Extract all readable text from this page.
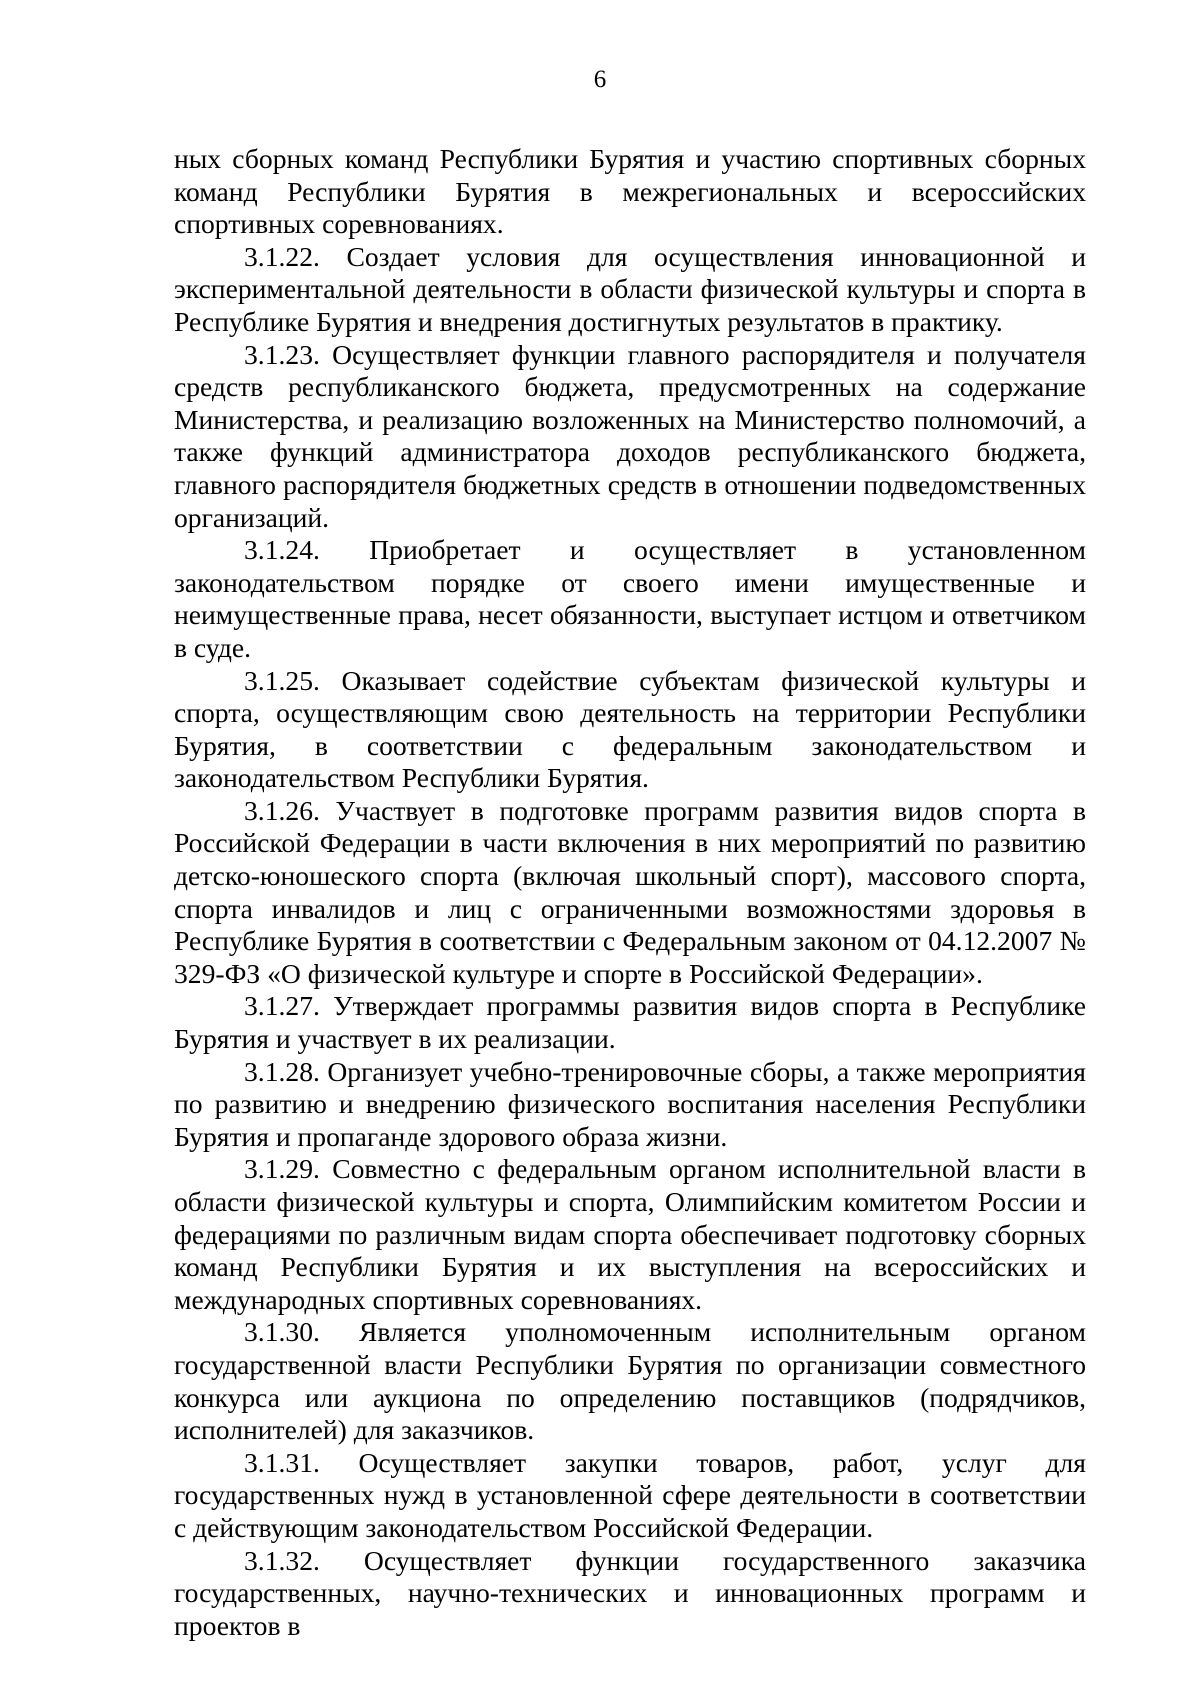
6

ных сборных команд Республики Бурятия и участию спортивных сборных команд Республики Бурятия в межрегиональных и всероссийских спортивных соревнованиях.

3.1.22. Создает условия для осуществления инновационной и экспериментальной деятельности в области физической культуры и спорта в Республике Бурятия и внедрения достигнутых результатов в практику.

3.1.23. Осуществляет функции главного распорядителя и получателя средств республиканского бюджета, предусмотренных на содержание Министерства, и реализацию возложенных на Министерство полномочий, а также функций администратора доходов республиканского бюджета, главного распорядителя бюджетных средств в отношении подведомственных организаций.

3.1.24. Приобретает и осуществляет в установленном законодательством порядке от своего имени имущественные и неимущественные права, несет обязанности, выступает истцом и ответчиком в суде.

3.1.25. Оказывает содействие субъектам физической культуры и спорта, осуществляющим свою деятельность на территории Республики Бурятия, в соответствии с федеральным законодательством и законодательством Республики Бурятия.

3.1.26. Участвует в подготовке программ развития видов спорта в Российской Федерации в части включения в них мероприятий по развитию детско-юношеского спорта (включая школьный спорт), массового спорта, спорта инвалидов и лиц с ограниченными возможностями здоровья в Республике Бурятия в соответствии с Федеральным законом от 04.12.2007 № 329-ФЗ «О физической культуре и спорте в Российской Федерации».

3.1.27. Утверждает программы развития видов спорта в Республике Бурятия и участвует в их реализации.

3.1.28. Организует учебно-тренировочные сборы, а также мероприятия по развитию и внедрению физического воспитания населения Республики Бурятия и пропаганде здорового образа жизни.

3.1.29. Совместно с федеральным органом исполнительной власти в области физической культуры и спорта, Олимпийским комитетом России и федерациями по различным видам спорта обеспечивает подготовку сборных команд Республики Бурятия и их выступления на всероссийских и международных спортивных соревнованиях.

3.1.30. Является уполномоченным исполнительным органом государственной власти Республики Бурятия по организации совместного конкурса или аукциона по определению поставщиков (подрядчиков, исполнителей) для заказчиков.

3.1.31. Осуществляет закупки товаров, работ, услуг для государственных нужд в установленной сфере деятельности в соответствии с действующим законодательством Российской Федерации.

3.1.32. Осуществляет функции государственного заказчика государственных, научно-технических и инновационных программ и проектов в
